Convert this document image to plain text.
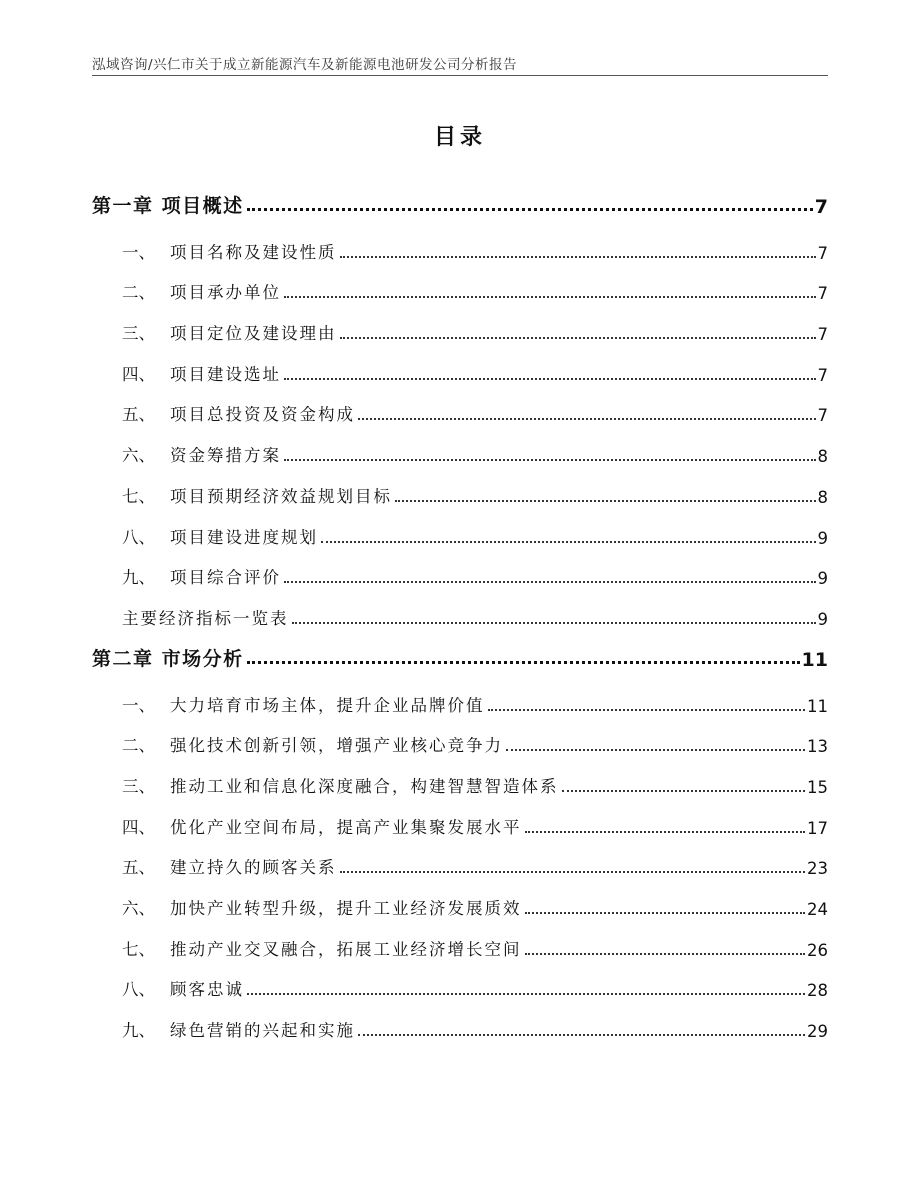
泓域咨询/兴仁市关于成立新能源汽车及新能源电池研发公司分析报告
目录
第一章 项目概述	7
一、 项目名称及建设性质	7
二、 项目承办单位	7
三、 项目定位及建设理由	7
四、 项目建设选址	7
五、 项目总投资及资金构成	7
六、 资金筹措方案	8
七、 项目预期经济效益规划目标	8
八、 项目建设进度规划	9
九、 项目综合评价	9
主要经济指标一览表	9
第二章 市场分析	11
一、 大力培育市场主体，提升企业品牌价值	11
二、 强化技术创新引领，增强产业核心竞争力	13
三、 推动工业和信息化深度融合，构建智慧智造体系	15
四、 优化产业空间布局，提高产业集聚发展水平	17
五、 建立持久的顾客关系	23
六、 加快产业转型升级，提升工业经济发展质效	24
七、 推动产业交叉融合，拓展工业经济增长空间	26
八、 顾客忠诚	28
九、 绿色营销的兴起和实施	29
